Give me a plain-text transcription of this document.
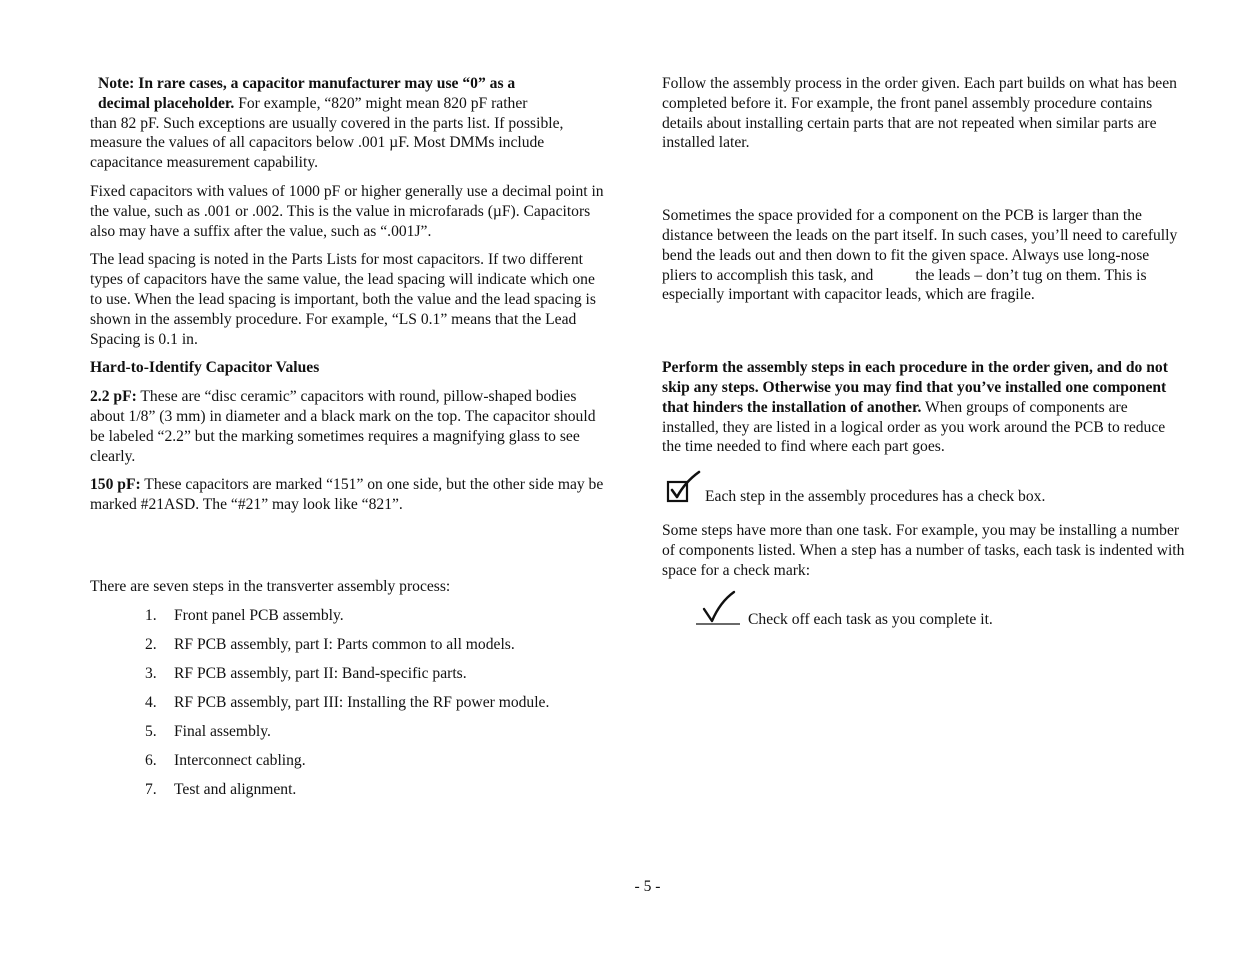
Note: In rare cases, a capacitor manufacturer may use “0” as a
decimal placeholder. For example, “820” might mean 820 pF rather
than 82 pF. Such exceptions are usually covered in the parts list. If possible, measure the values of all capacitors below .001 µF. Most DMMs include capacitance measurement capability.

Fixed capacitors with values of 1000 pF or higher generally use a decimal point in the value, such as .001 or .002. This is the value in microfarads (µF). Capacitors also may have a suffix after the value, such as “.001J”.

The lead spacing is noted in the Parts Lists for most capacitors. If two different types of capacitors have the same value, the lead spacing will indicate which one to use. When the lead spacing is important, both the value and the lead spacing is shown in the assembly procedure. For example, “LS 0.1” means that the Lead Spacing is 0.1 in.

Hard-to-Identify Capacitor Values

2.2 pF: These are “disc ceramic” capacitors with round, pillow-shaped bodies about 1/8” (3 mm) in diameter and a black mark on the top. The capacitor should be labeled “2.2” but the marking sometimes requires a magnifying glass to see clearly.

150 pF: These capacitors are marked “151” on one side, but the other side may be marked #21ASD. The “#21” may look like “821”.

There are seven steps in the transverter assembly process:

1. Front panel PCB assembly.
2. RF PCB assembly, part I: Parts common to all models.
3. RF PCB assembly, part II: Band-specific parts.
4. RF PCB assembly, part III: Installing the RF power module.
5. Final assembly.
6. Interconnect cabling.
7. Test and alignment.

Follow the assembly process in the order given. Each part builds on what has been completed before it. For example, the front panel assembly procedure contains details about installing certain parts that are not repeated when similar parts are installed later.

Sometimes the space provided for a component on the PCB is larger than the distance between the leads on the part itself. In such cases, you’ll need to carefully bend the leads out and then down to fit the given space. Always use long-nose pliers to accomplish this task, and	the leads – don’t tug on them. This is especially important with capacitor leads, which are fragile.

Perform the assembly steps in each procedure in the order given, and do not skip any steps. Otherwise you may find that you’ve installed one component that hinders the installation of another. When groups of components are installed, they are listed in a logical order as you work around the PCB to reduce the time needed to find where each part goes.

Each step in the assembly procedures has a check box.

Some steps have more than one task. For example, you may be installing a number of components listed. When a step has a number of tasks, each task is indented with space for a check mark:

Check off each task as you complete it.
- 5 -
